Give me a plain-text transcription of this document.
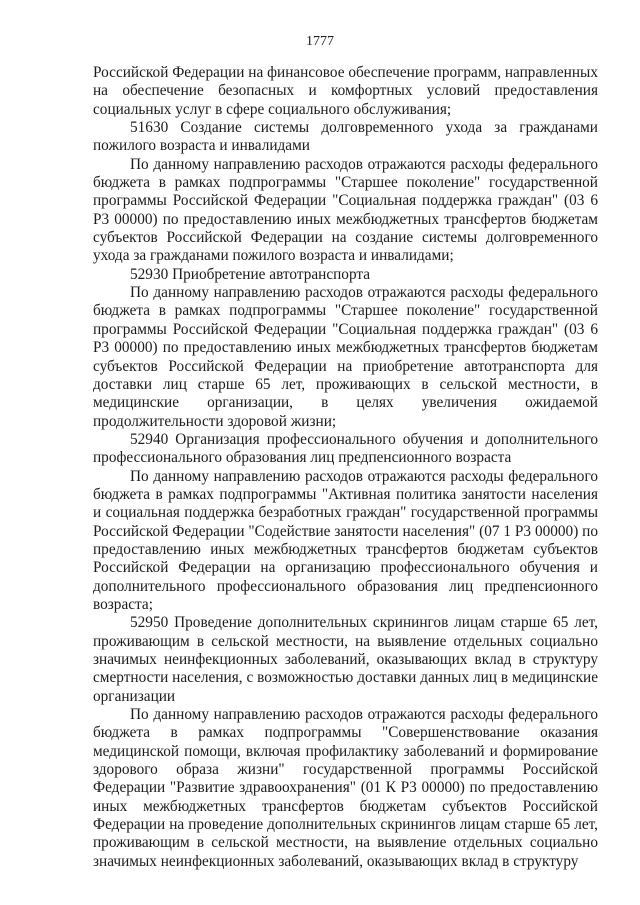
1777

Российской Федерации на финансовое обеспечение программ, направленных на обеспечение безопасных и комфортных условий предоставления социальных услуг в сфере социального обслуживания;

51630 Создание системы долговременного ухода за гражданами пожилого возраста и инвалидами

По данному направлению расходов отражаются расходы федерального бюджета в рамках подпрограммы "Старшее поколение" государственной программы Российской Федерации "Социальная поддержка граждан" (03 6 Р3 00000) по предоставлению иных межбюджетных трансфертов бюджетам субъектов Российской Федерации на создание системы долговременного ухода за гражданами пожилого возраста и инвалидами;

52930 Приобретение автотранспорта

По данному направлению расходов отражаются расходы федерального бюджета в рамках подпрограммы "Старшее поколение" государственной программы Российской Федерации "Социальная поддержка граждан" (03 6 Р3 00000) по предоставлению иных межбюджетных трансфертов бюджетам субъектов Российской Федерации на приобретение автотранспорта для доставки лиц старше 65 лет, проживающих в сельской местности, в медицинские организации, в целях увеличения ожидаемой продолжительности здоровой жизни;

52940 Организация профессионального обучения и дополнительного профессионального образования лиц предпенсионного возраста

По данному направлению расходов отражаются расходы федерального бюджета в рамках подпрограммы "Активная политика занятости населения и социальная поддержка безработных граждан" государственной программы Российской Федерации "Содействие занятости населения" (07 1 Р3 00000) по предоставлению иных межбюджетных трансфертов бюджетам субъектов Российской Федерации на организацию профессионального обучения и дополнительного профессионального образования лиц предпенсионного возраста;

52950 Проведение дополнительных скринингов лицам старше 65 лет, проживающим в сельской местности, на выявление отдельных социально значимых неинфекционных заболеваний, оказывающих вклад в структуру смертности населения, с возможностью доставки данных лиц в медицинские организации

По данному направлению расходов отражаются расходы федерального бюджета в рамках подпрограммы "Совершенствование оказания медицинской помощи, включая профилактику заболеваний и формирование здорового образа жизни" государственной программы Российской Федерации "Развитие здравоохранения" (01 К Р3 00000) по предоставлению иных межбюджетных трансфертов бюджетам субъектов Российской Федерации на проведение дополнительных скринингов лицам старше 65 лет, проживающим в сельской местности, на выявление отдельных социально значимых неинфекционных заболеваний, оказывающих вклад в структуру
